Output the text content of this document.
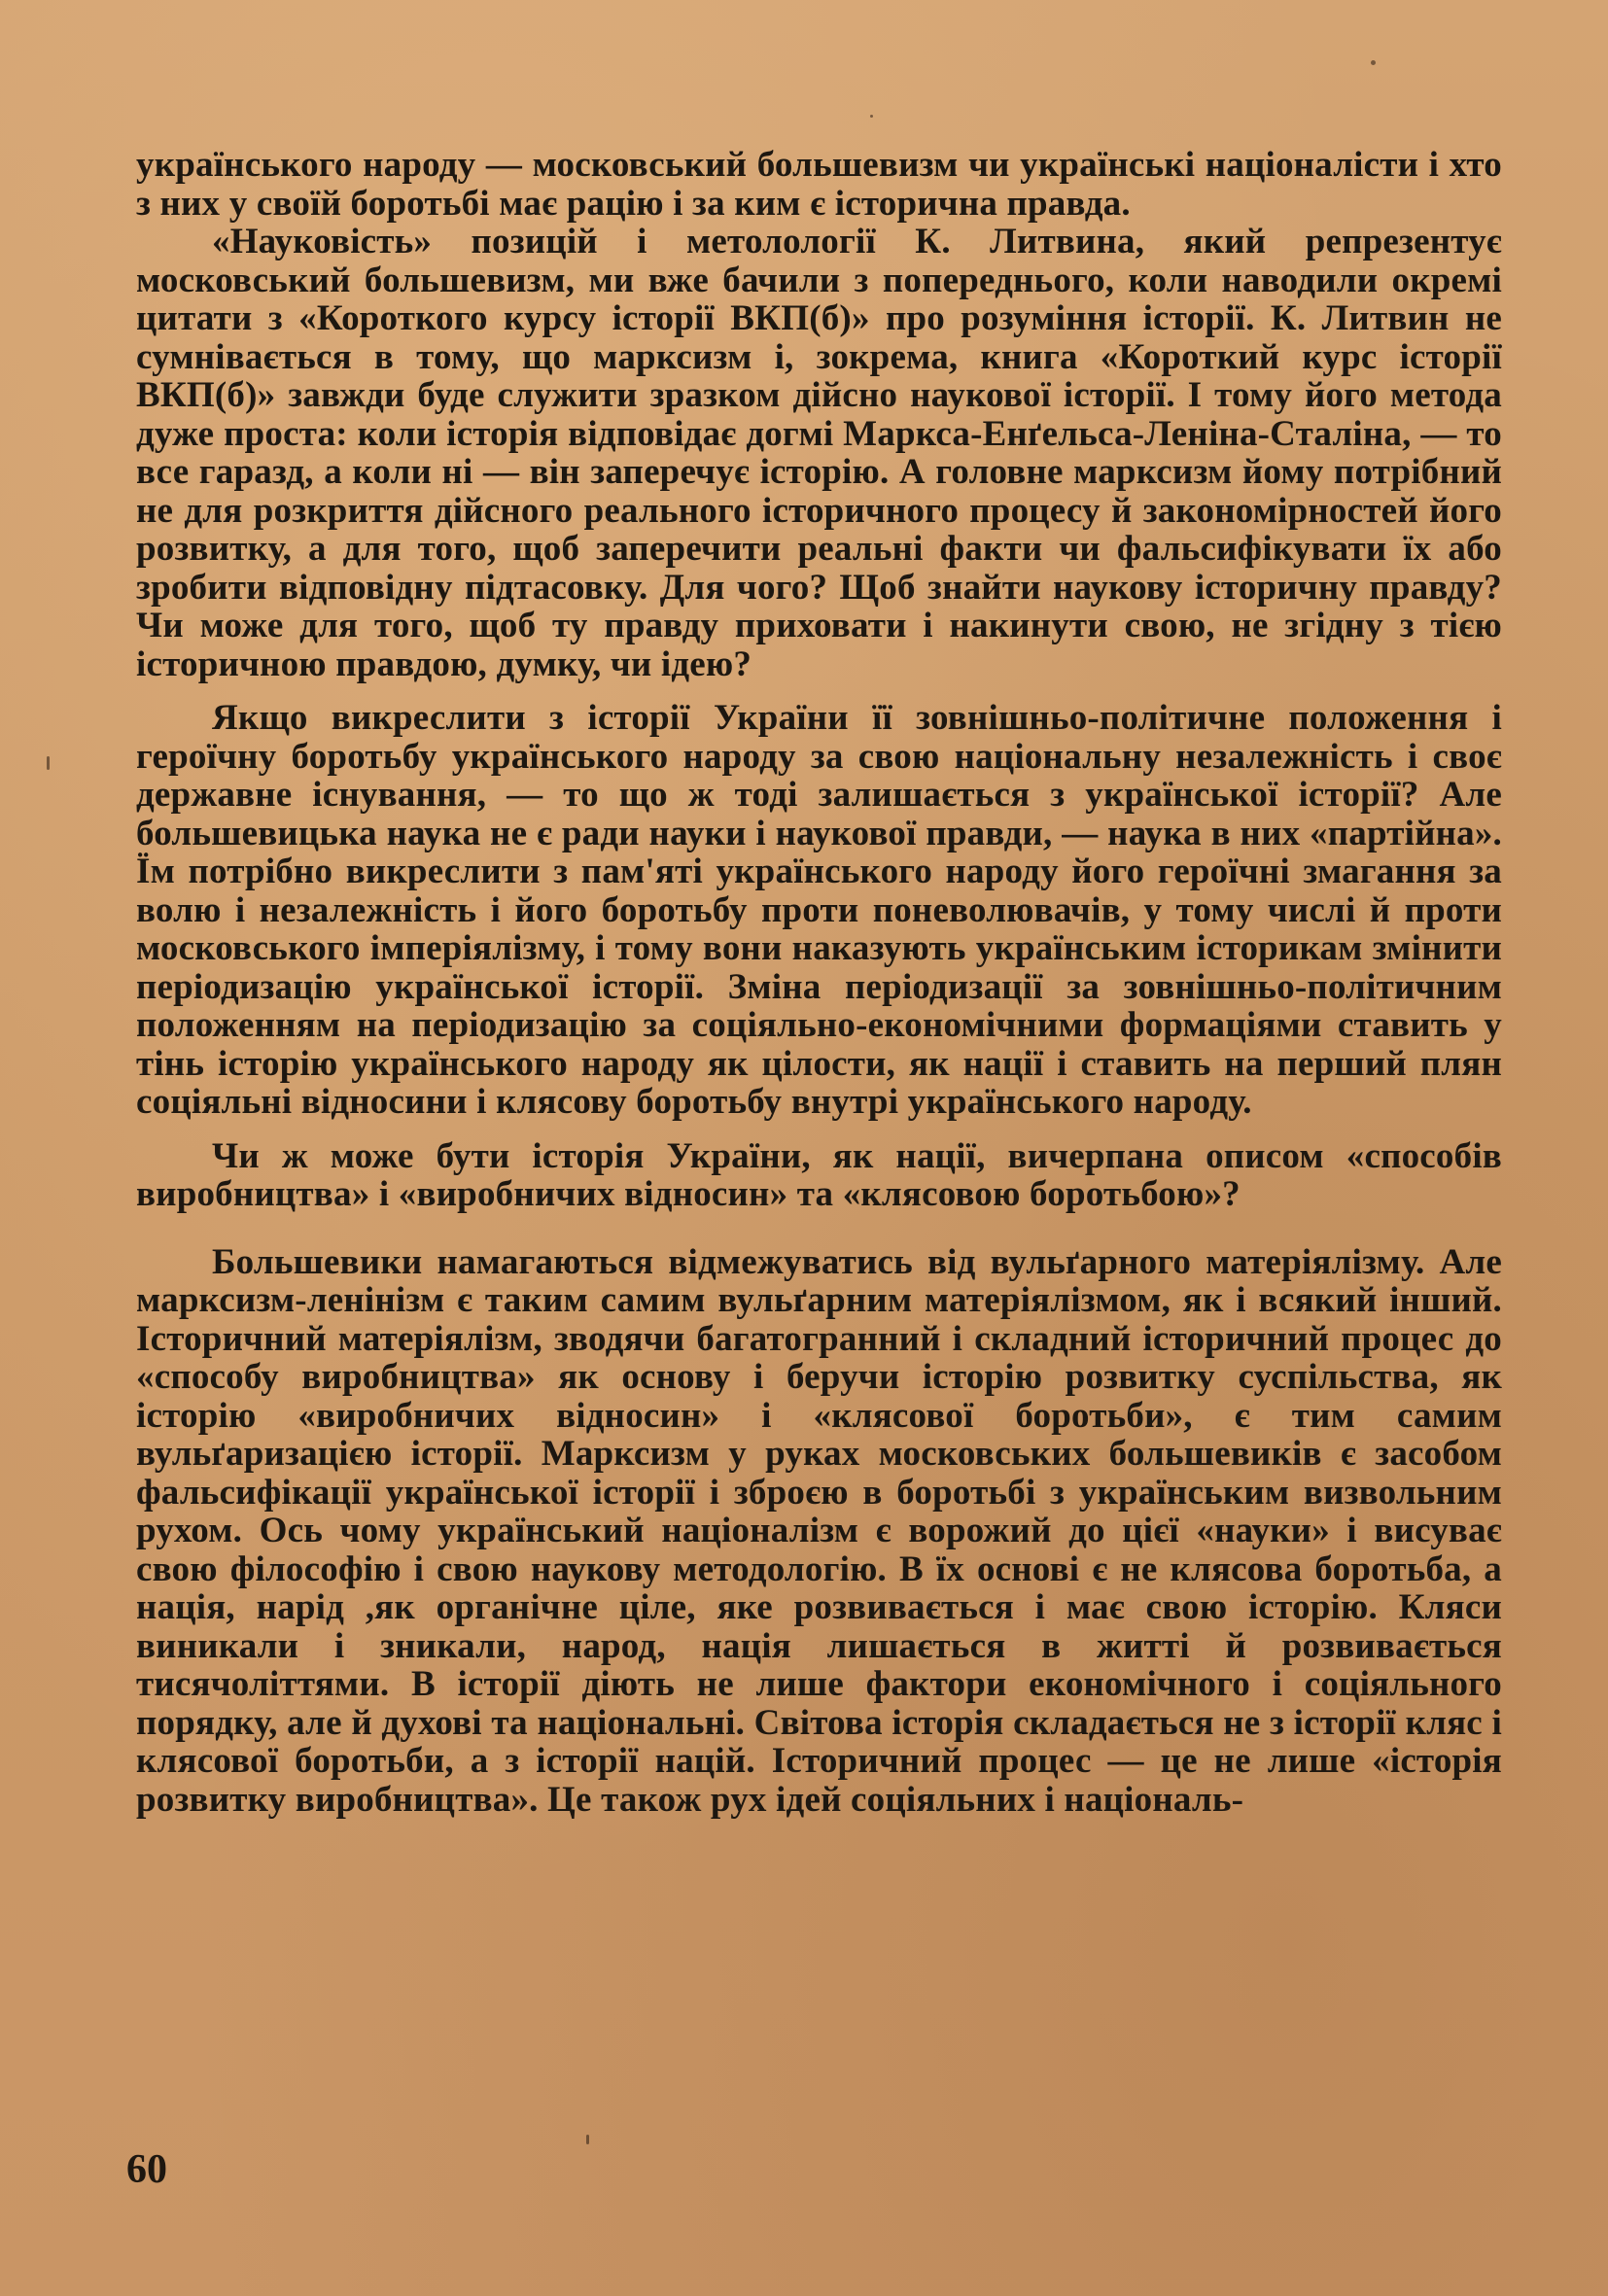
українського народу — московський большевизм чи українські націоналісти і хто з них у своїй боротьбі має рацію і за ким є історична правда.

«Науковість» позицій і метолології К. Литвина, який репрезентує московський большевизм, ми вже бачили з попереднього, коли наводили окремі цитати з «Короткого курсу історії ВКП(б)» про розуміння історії. К. Литвин не сумнівається в тому, що марксизм і, зокрема, книга «Короткий курс історії ВКП(б)» завжди буде служити зразком дійсно наукової історії. І тому його метода дуже проста: коли історія відповідає догмі Маркса-Енґельса-Леніна-Сталіна, — то все гаразд, а коли ні — він заперечує історію. А головне марксизм йому потрібний не для розкриття дійсного реального історичного процесу й закономірностей його розвитку, а для того, щоб заперечити реальні факти чи фальсифікувати їх або зробити відповідну підтасовку. Для чого? Щоб знайти наукову історичну правду? Чи може для того, щоб ту правду приховати і накинути свою, не згідну з тією історичною правдою, думку, чи ідею?

Якщо викреслити з історії України її зовнішньо-політичне положення і героїчну боротьбу українського народу за свою національну незалежність і своє державне існування, — то що ж тоді залишається з української історії? Але большевицька наука не є ради науки і наукової правди, — наука в них «партійна». Їм потрібно викреслити з пам'яті українського народу його героїчні змагання за волю і незалежність і його боротьбу проти поневолювачів, у тому числі й проти московського імперіялізму, і тому вони наказують українським історикам змінити періодизацію української історії. Зміна періодизації за зовнішньо-політичним положенням на періодизацію за соціяльно-економічними формаціями ставить у тінь історію українського народу як цілости, як нації і ставить на перший плян соціяльні відносини і клясову боротьбу внутрі українського народу.

Чи ж може бути історія України, як нації, вичерпана описом «способів виробництва» і «виробничих відносин» та «клясовою боротьбою»?

Большевики намагаються відмежуватись від вульґарного матеріялізму. Але марксизм-ленінізм є таким самим вульґарним матеріялізмом, як і всякий інший. Історичний матеріялізм, зводячи багатогранний і складний історичний процес до «способу виробництва» як основу і беручи історію розвитку суспільства, як історію «виробничих відносин» і «клясової боротьби», є тим самим вульґаризацією історії. Марксизм у руках московських большевиків є засобом фальсифікації української історії і зброєю в боротьбі з українським визвольним рухом. Ось чому український націоналізм є ворожий до цієї «науки» і висуває свою філософію і свою наукову методологію. В їх основі є не клясова боротьба, а нація, нарід ,як органічне ціле, яке розвивається і має свою історію. Кляси виникали і зникали, народ, нація лишається в житті й розвивається тисячоліттями. В історії діють не лише фактори економічного і соціяльного порядку, але й духові та національні. Світова історія складається не з історії кляс і клясової боротьби, а з історії націй. Історичний процес — це не лише «історія розвитку виробництва». Це також рух ідей соціяльних і національ-

60
